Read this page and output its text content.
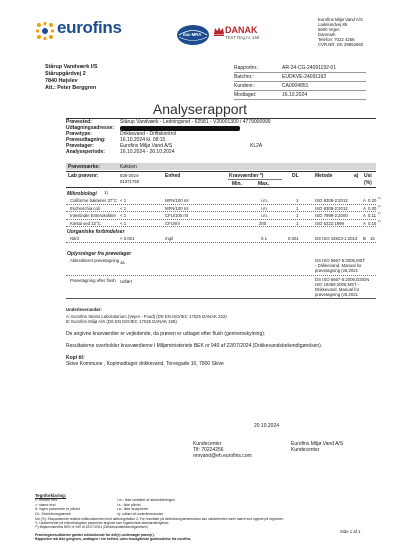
eurofins	ilac-MRA	DANAK
TEST Reg.nr. 168
Eurofins Miljø Vand A/S
Ladelundvej 85
6600 Vejen
Danmark
Telefon: 7022 4256
CVR.NR. DK 29852660
Stårup Vandværk I/S
Stårupgårdvej 2
7840 Højslev
Att.: Peter Berggren
Rapportnr.:	AR-24-CG-24091192-01
Batchnr.:	EUDKVE-24091192
Kundenr.:	CA0004851
Modtaget:	16.10.2024
Analyserapport
Prøvested:	Stårup Vandværk - Ledningsnet - 62581 - V20001300 / 4779000999
Udtagningsadresse:
Prøvetype:	Drikkevand - Driftskontrol
Prøveudtagning:	16.10.2024 kl. 08:15
Prøvetager:	Eurofins Miljø Vand A/S	KL2A
Analyseperiode:	16.10.2024 - 20.10.2024
Prøvemærke:	Køkken
Lab prøvenr:	835-2024-
01371750
Enhed	Kravværdier *)
Min.	Max.
DL	Metode	a) Usi
(%)
Mikrobiologi 1)
Coliforme bakterier 37°C < 1	MFN/100 ml	i.m.	1	ISO 9308-2:2012	A 0.20 1)
Escherichia coli	< 1	MFN/100 ml	i.m.	1	ISO 9308-2:2012	A 0.20 1)
Intestinale Enterokokker < 1	CFU/100 ml	i.m.	1	ISO 7899-2:2000	A 0.11 1)
Kimtal ved 22°C	< 1	CFU/ml	200	1	ISO 6222:1999	A 0.15 1)
Uorganiske forbindelser
Nitrit	< 0.001	mg/l	0.1	0.001	DS ISO 15923-1:2013 B 15
Oplysninger fra prøvetager
Akkrediteret prøvetagning Ja	DS ISO 5667-5:2006,MST - Drikkevand. Manual for prøvetagning (v5,2021
Prøvetagning efter flush Udført	DS ISO 5667-5:2006,DS/EN ISO 19458:2006,MST - Drikkevand. Manual for prøvetagning (v5,2021
Underleverandør:
A: Eurofins Steins Laboratorium (Vejen - Food) (DS EN ISO/IEC 17025 DANAK 222)
B: Eurofins Miljø A/S (DS EN ISO/IEC 17025 DANAK 168)
De angivne kravværdier er vejledende, da prøven er udtaget efter flush (gennemskylning).
Resultaterne overholder kravværdierne i Miljøministeriets BEK nr 940 af 22/07/2024 (Drikkevandsbekendtgørelsen).
Kopi til:
Skive Kommune , Kopimodtager drikkevand, Torvegade 10, 7800 Skive
20.10.2024
Kundecenter
Tlf: 70224256
renvand@eh.eurofins.com
Eurofins Miljø Vand A/S
Kundecenter
Tegnforklaring:
<: mindre end
>: større end
#: ingen parametre er påvist
DL: Detektionsgrænse
i.m.: Ikke omfattet af akkrediteringen
i.s.: Ikke påvist
i.a.: Ikke analyseret
n): udført af underleverandør
Usi (%): Ekspanderede relative måleusikkerhed med dækningsfaktor 2. For resultater på detektionsgrænseniveau kan usikkerheden være større end opgivet på rapporten.
*): Usikkerheder på mikrobiologiske parametre angives som logaritmiske standardafvigelser.
**) Miljøministeriets BEK nr 940 af 22/07/2024 (Drikkevandsbekendtgørelsen)
Side 1 af 1
Prøvningsresultaterne gælder udelukkende for det(e) undersøgte prøve(r).
Rapporten må ikke gengives, undtagen i sin helhed, uden forudgående godkendelse fra eurofins.
